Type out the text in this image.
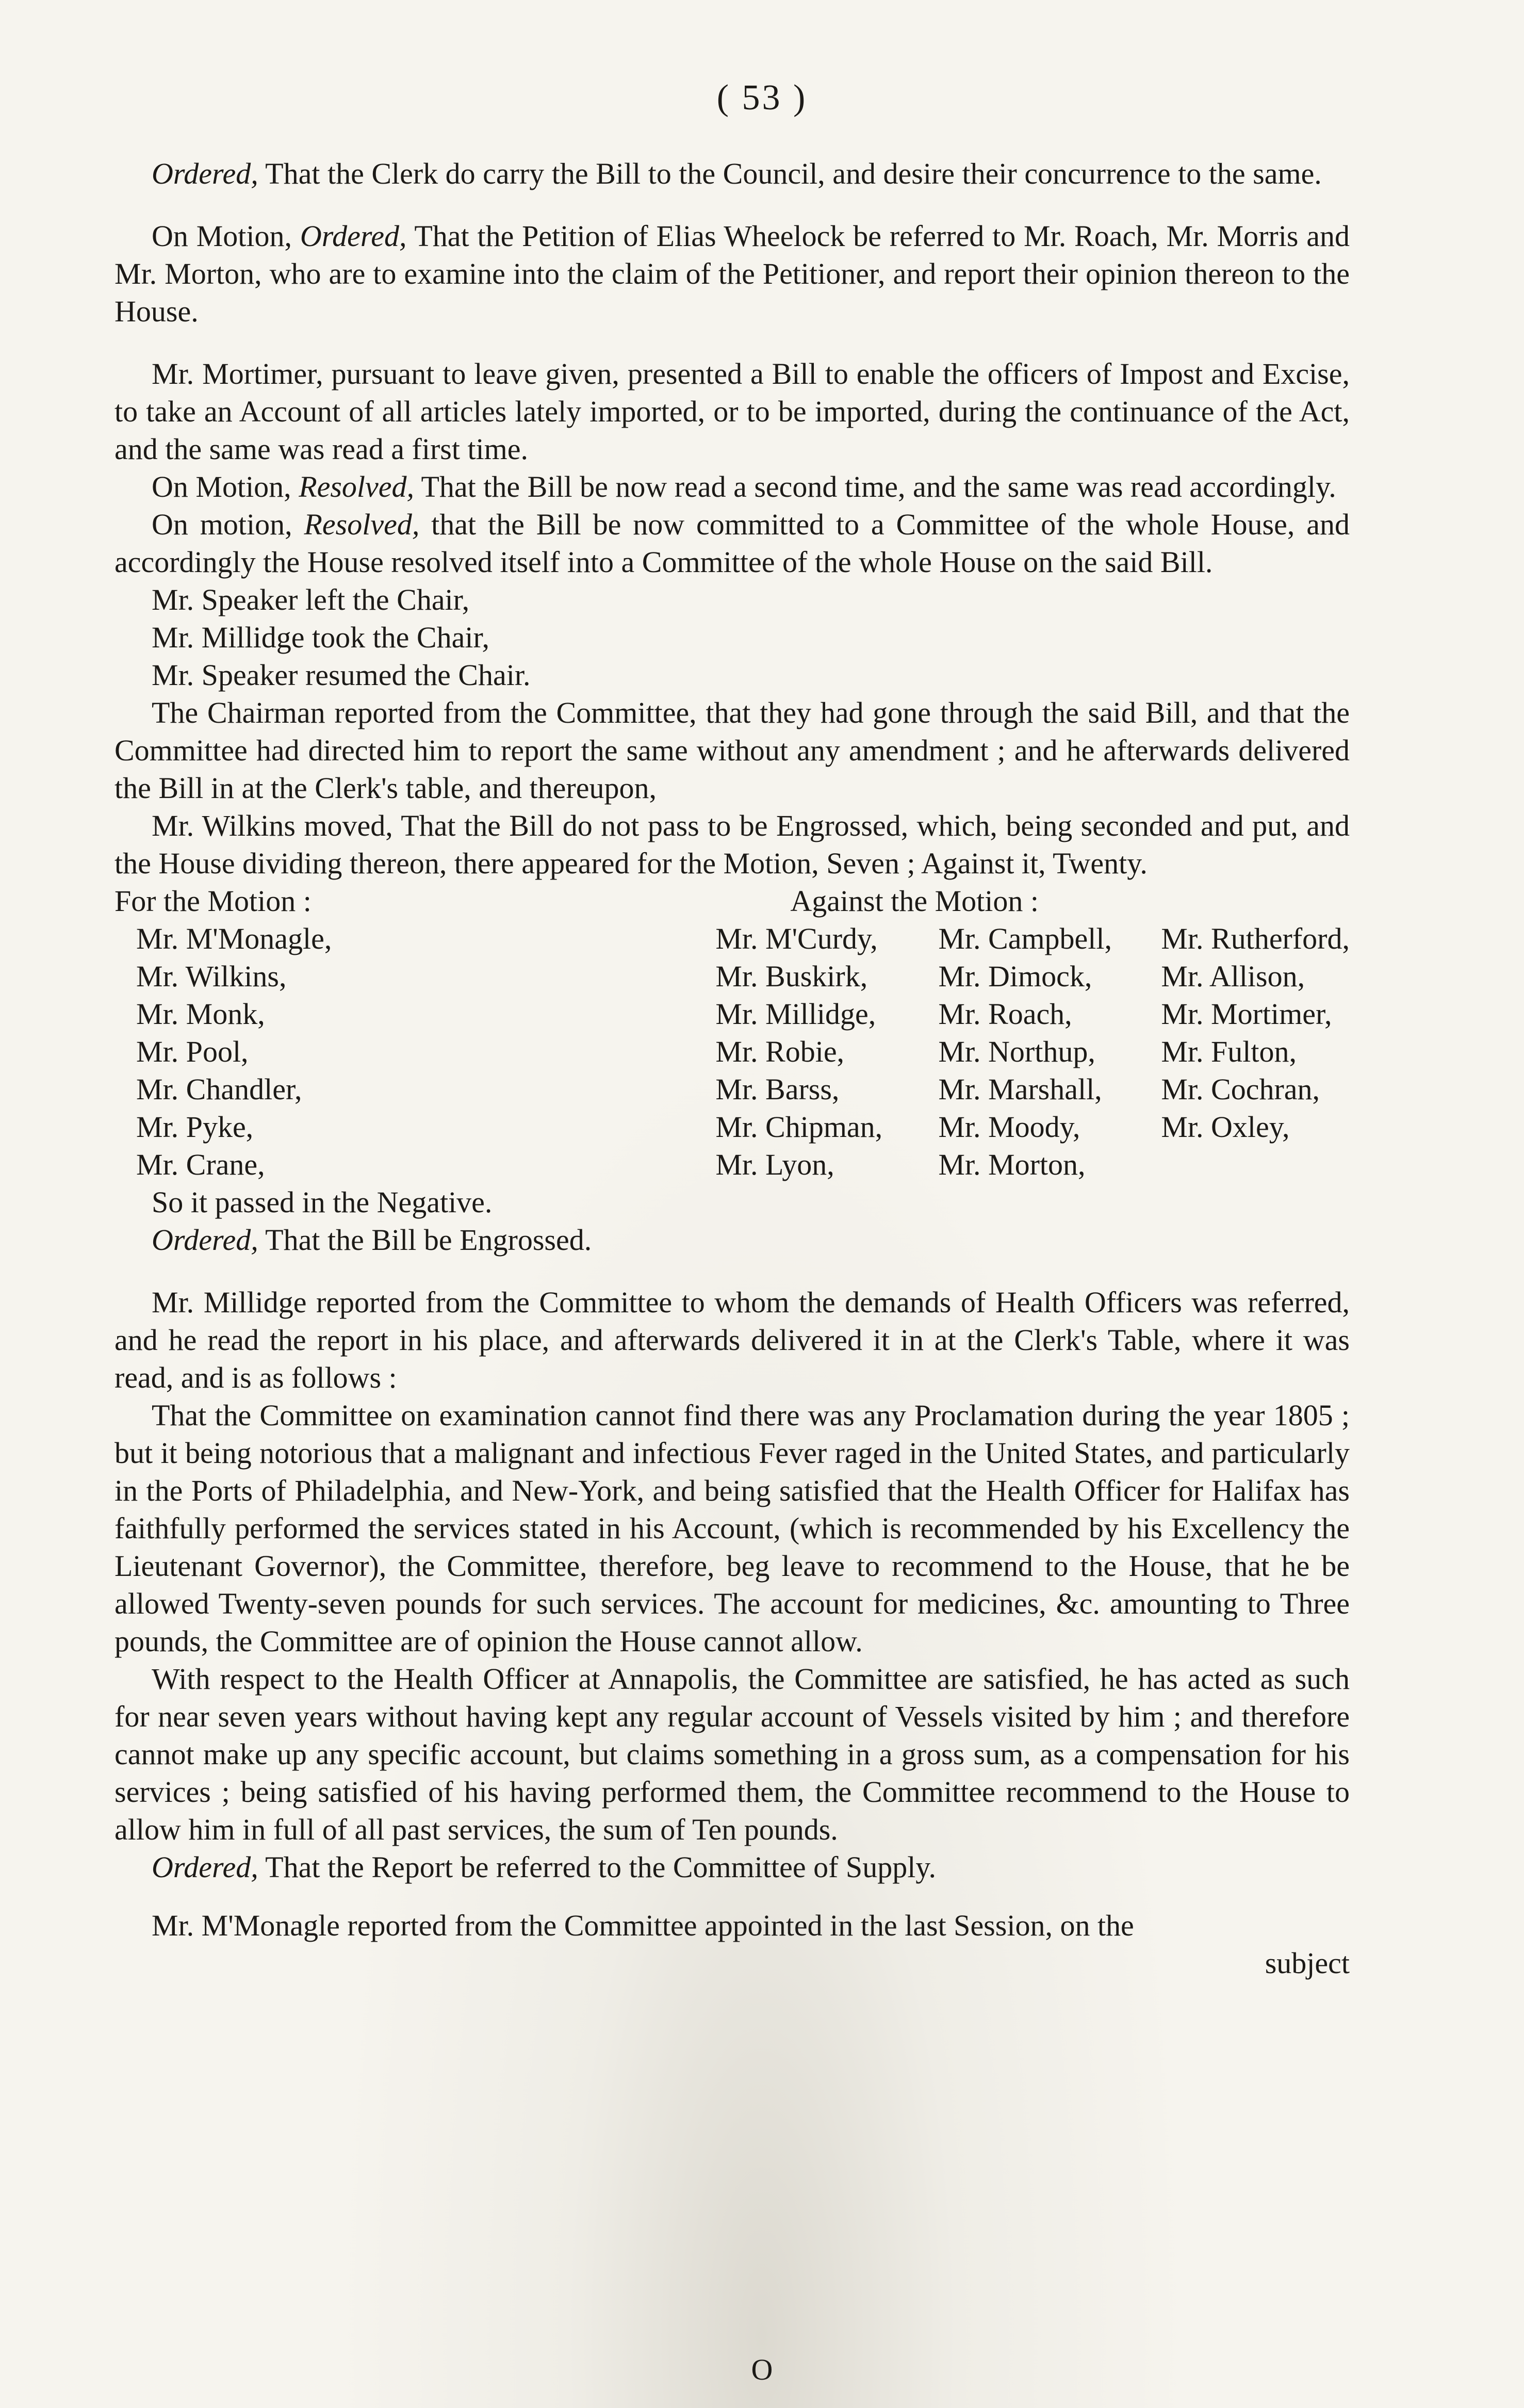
( 53 )

Ordered, That the Clerk do carry the Bill to the Council, and desire their concurrence to the same.

On Motion, Ordered, That the Petition of Elias Wheelock be referred to Mr. Roach, Mr. Morris and Mr. Morton, who are to examine into the claim of the Petitioner, and report their opinion thereon to the House.

Mr. Mortimer, pursuant to leave given, presented a Bill to enable the officers of Impost and Excise, to take an Account of all articles lately imported, or to be imported, during the continuance of the Act, and the same was read a first time.

On Motion, Resolved, That the Bill be now read a second time, and the same was read accordingly.

On motion, Resolved, that the Bill be now committed to a Committee of the whole House, and accordingly the House resolved itself into a Committee of the whole House on the said Bill.

Mr. Speaker left the Chair,

Mr. Millidge took the Chair,

Mr. Speaker resumed the Chair.

The Chairman reported from the Committee, that they had gone through the said Bill, and that the Committee had directed him to report the same without any amendment ; and he afterwards delivered the Bill in at the Clerk's table, and thereupon,

Mr. Wilkins moved, That the Bill do not pass to be Engrossed, which, being seconded and put, and the House dividing thereon, there appeared for the Motion, Seven ; Against it, Twenty.

For the Motion :
Mr. M'Monagle,
Mr. Wilkins,
Mr. Monk,
Mr. Pool,
Mr. Chandler,
Mr. Pyke,
Mr. Crane,
Against the Motion :
Mr. M'Curdy,	Mr. Campbell,	Mr. Rutherford,
Mr. Buskirk,	Mr. Dimock,	Mr. Allison,
Mr. Millidge,	Mr. Roach,	Mr. Mortimer,
Mr. Robie,	Mr. Northup,	Mr. Fulton,
Mr. Barss,	Mr. Marshall,	Mr. Cochran,
Mr. Chipman,	Mr. Moody,	Mr. Oxley,
Mr. Lyon,	Mr. Morton,

So it passed in the Negative.

Ordered, That the Bill be Engrossed.

Mr. Millidge reported from the Committee to whom the demands of Health Officers was referred, and he read the report in his place, and afterwards delivered it in at the Clerk's Table, where it was read, and is as follows :

That the Committee on examination cannot find there was any Proclamation during the year 1805 ; but it being notorious that a malignant and infectious Fever raged in the United States, and particularly in the Ports of Philadelphia, and New-York, and being satisfied that the Health Officer for Halifax has faithfully performed the services stated in his Account, (which is recommended by his Excellency the Lieutenant Governor), the Committee, therefore, beg leave to recommend to the House, that he be allowed Twenty-seven pounds for such services. The account for medicines, &c. amounting to Three pounds, the Committee are of opinion the House cannot allow.

With respect to the Health Officer at Annapolis, the Committee are satisfied, he has acted as such for near seven years without having kept any regular account of Vessels visited by him ; and therefore cannot make up any specific account, but claims something in a gross sum, as a compensation for his services ; being satisfied of his having performed them, the Committee recommend to the House to allow him in full of all past services, the sum of Ten pounds.

Ordered, That the Report be referred to the Committee of Supply.

Mr. M'Monagle reported from the Committee appointed in the last Session, on the

subject

O
